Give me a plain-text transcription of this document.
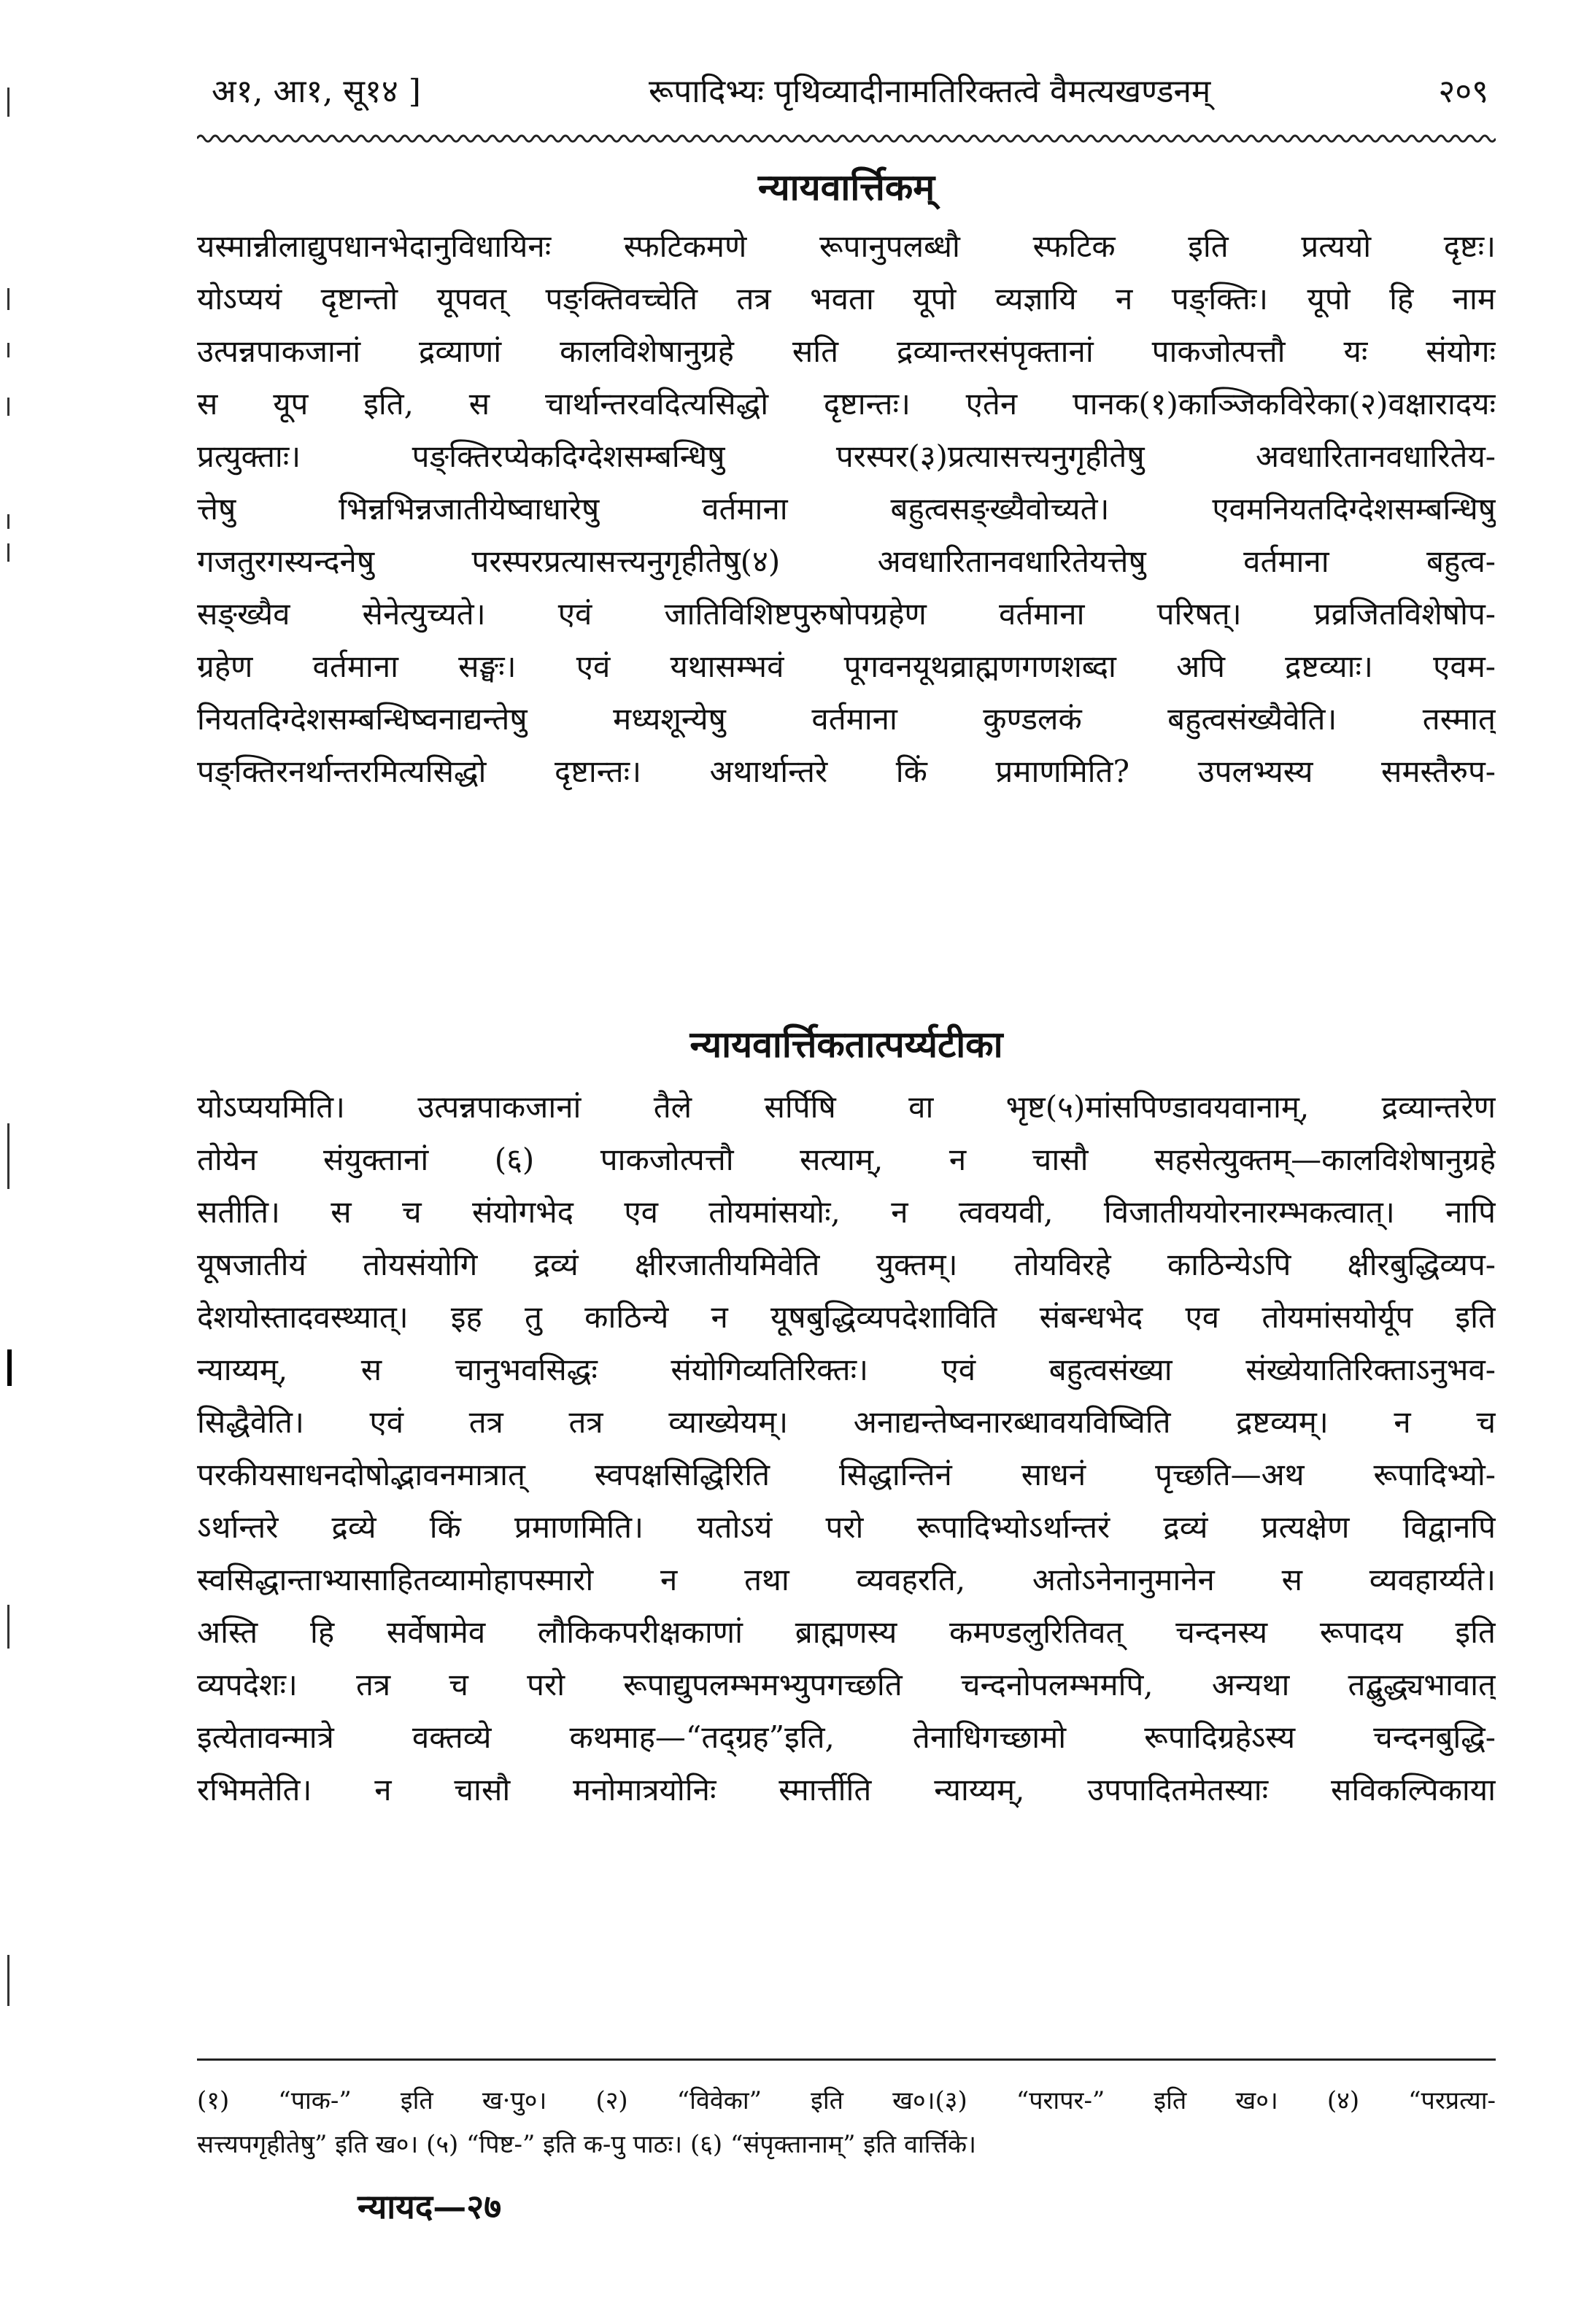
अ१, आ१, सू१४ ]	रूपादिभ्यः पृथिव्यादीनामतिरिक्तत्वे वैमत्यखण्डनम्	२०९
न्यायवार्त्तिकम्
यस्मान्नीलाद्युपधानभेदानुविधायिनः स्फटिकमणे रूपानुपलब्धौ स्फटिक इति प्रत्ययो दृष्टः।
योऽप्ययं दृष्टान्तो यूपवत् पङ्क्तिवच्चेति तत्र भवता यूपो व्यज्ञायि न पङ्क्तिः। यूपो हि नाम
उत्पन्नपाकजानां द्रव्याणां कालविशेषानुग्रहे सति द्रव्यान्तरसंपृक्तानां पाकजोत्पत्तौ यः संयोगः
स यूप इति, स चार्थान्तरवदित्यसिद्धो दृष्टान्तः। एतेन पानक(१)काञ्जिकविरेका(२)वक्षारादयः
प्रत्युक्ताः। पङ्क्तिरप्येकदिग्देशसम्बन्धिषु परस्पर(३)प्रत्यासत्त्यनुगृहीतेषु अवधारितानवधारितेय-
त्तेषु भिन्नभिन्नजातीयेष्वाधारेषु वर्तमाना बहुत्वसङ्ख्यैवोच्यते। एवमनियतदिग्देशसम्बन्धिषु
गजतुरगस्यन्दनेषु परस्परप्रत्यासत्त्यनुगृहीतेषु(४) अवधारितानवधारितेयत्तेषु वर्तमाना बहुत्व-
सङ्ख्यैव सेनेत्युच्यते। एवं जातिविशिष्टपुरुषोपग्रहेण वर्तमाना परिषत्। प्रव्रजितविशेषोप-
ग्रहेण वर्तमाना सङ्घः। एवं यथासम्भवं पूगवनयूथव्राह्मणगणशब्दा अपि द्रष्टव्याः। एवम-
नियतदिग्देशसम्बन्धिष्वनाद्यन्तेषु मध्यशून्येषु वर्तमाना कुण्डलकं बहुत्वसंख्यैवेति। तस्मात्
पङ्क्तिरनर्थान्तरमित्यसिद्धो दृष्टान्तः। अथार्थान्तरे किं प्रमाणमिति? उपलभ्यस्य समस्तैरुप-
न्यायवार्त्तिकतात्पर्य्यटीका
योऽप्ययमिति। उत्पन्नपाकजानां तैले सर्पिषि वा भृष्ट(५)मांसपिण्डावयवानाम्, द्रव्यान्तरेण
तोयेन संयुक्तानां (६) पाकजोत्पत्तौ सत्याम्, न चासौ सहसेत्युक्तम्—कालविशेषानुग्रहे
सतीति। स च संयोगभेद एव तोयमांसयोः, न त्ववयवी, विजातीययोरनारम्भकत्वात्। नापि
यूषजातीयं तोयसंयोगि द्रव्यं क्षीरजातीयमिवेति युक्तम्। तोयविरहे काठिन्येऽपि क्षीरबुद्धिव्यप-
देशयोस्तादवस्थ्यात्। इह तु काठिन्ये न यूषबुद्धिव्यपदेशाविति संबन्धभेद एव तोयमांसयोर्यूप इति
न्याय्यम्, स चानुभवसिद्धः संयोगिव्यतिरिक्तः। एवं बहुत्वसंख्या संख्येयातिरिक्ताऽनुभव-
सिद्धैवेति। एवं तत्र तत्र व्याख्येयम्। अनाद्यन्तेष्वनारब्धावयविष्विति द्रष्टव्यम्। न च
परकीयसाधनदोषोद्भावनमात्रात् स्वपक्षसिद्धिरिति सिद्धान्तिनं साधनं पृच्छति—अथ रूपादिभ्यो-
ऽर्थान्तरे द्रव्ये किं प्रमाणमिति। यतोऽयं परो रूपादिभ्योऽर्थान्तरं द्रव्यं प्रत्यक्षेण विद्वानपि
स्वसिद्धान्ताभ्यासाहितव्यामोहापस्मारो न तथा व्यवहरति, अतोऽनेनानुमानेन स व्यवहार्य्यते।
अस्ति हि सर्वेषामेव लौकिकपरीक्षकाणां ब्राह्मणस्य कमण्डलुरितिवत् चन्दनस्य रूपादय इति
व्यपदेशः। तत्र च परो रूपाद्युपलम्भमभ्युपगच्छति चन्दनोपलम्भमपि, अन्यथा तद्बुद्ध्यभावात्
इत्येतावन्मात्रे वक्तव्ये कथमाह—“तद्ग्रह”इति, तेनाधिगच्छामो रूपादिग्रहेऽस्य चन्दनबुद्धि-
रभिमतेति। न चासौ मनोमात्रयोनिः स्मार्त्तीति न्याय्यम्, उपपादितमेतस्याः सविकल्पिकाया
(१) “पाक-” इति ख·पु०। (२) “विवेका” इति ख०।(३) “परापर-” इति ख०। (४) “परप्रत्या-
सत्त्यपगृहीतेषु” इति ख०। (५) “पिष्ट-” इति क-पु पाठः। (६) “संपृक्तानाम्” इति वार्त्तिके।
न्यायद—२७
